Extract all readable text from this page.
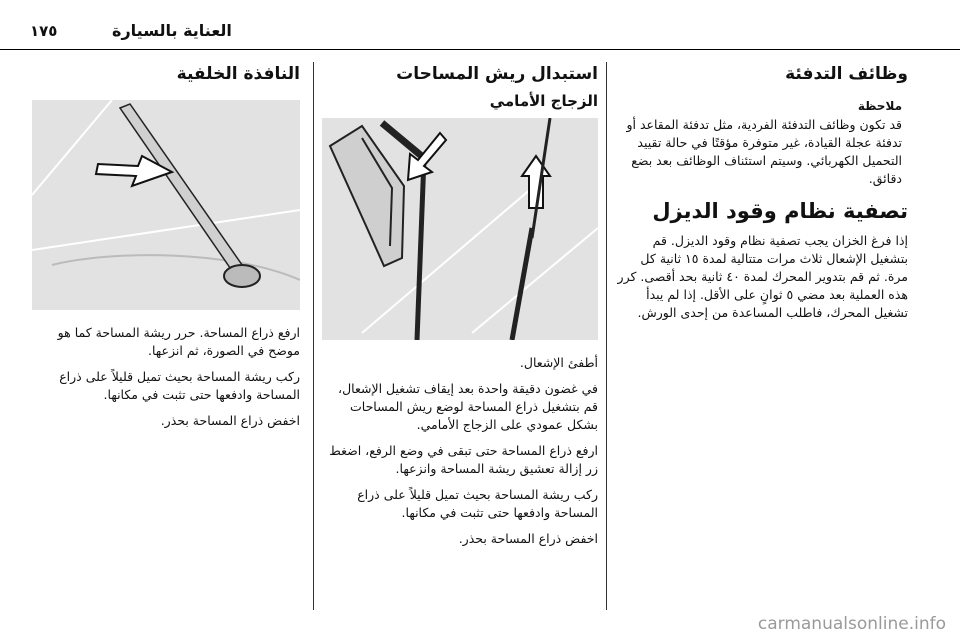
١٧٥	العناية بالسيارة
وظائف التدفئة
ملاحظة

قد تكون وظائف التدفئة الفردية، مثل تدفئة المقاعد أو تدفئة عجلة القيادة، غير متوفرة مؤقتًا في حالة تقييد التحميل الكهربائي. وسيتم استئناف الوظائف بعد بضع دقائق.

تصفية نظام وقود الديزل

إذا فرغ الخزان يجب تصفية نظام وقود الديزل. قم بتشغيل الإشعال ثلاث مرات متتالية لمدة ١٥ ثانية كل مرة. ثم قم بتدوير المحرك لمدة ٤٠ ثانية بحد أقصى. كرر هذه العملية بعد مضي ٥ ثوانٍ على الأقل. إذا لم يبدأ تشغيل المحرك، فاطلب المساعدة من إحدى الورش.

استبدال ريش المساحات
الزجاج الأمامي

أطفئ الإشعال.

في غضون دقيقة واحدة بعد إيقاف تشغيل الإشعال، قم بتشغيل ذراع المساحة لوضع ريش المساحات بشكل عمودي على الزجاج الأمامي.

ارفع ذراع المساحة حتى تبقى في وضع الرفع، اضغط زر إزالة تعشيق ريشة المساحة وانزعها.

ركب ريشة المساحة بحيث تميل قليلاً على ذراع المساحة وادفعها حتى تثبت في مكانها.

اخفض ذراع المساحة بحذر.

النافذة الخلفية

ارفع ذراع المساحة. حرر ريشة المساحة كما هو موضح في الصورة، ثم انزعها.

ركب ريشة المساحة بحيث تميل قليلاً على ذراع المساحة وادفعها حتى تثبت في مكانها.

اخفض ذراع المساحة بحذر.

carmanualsonline.info
